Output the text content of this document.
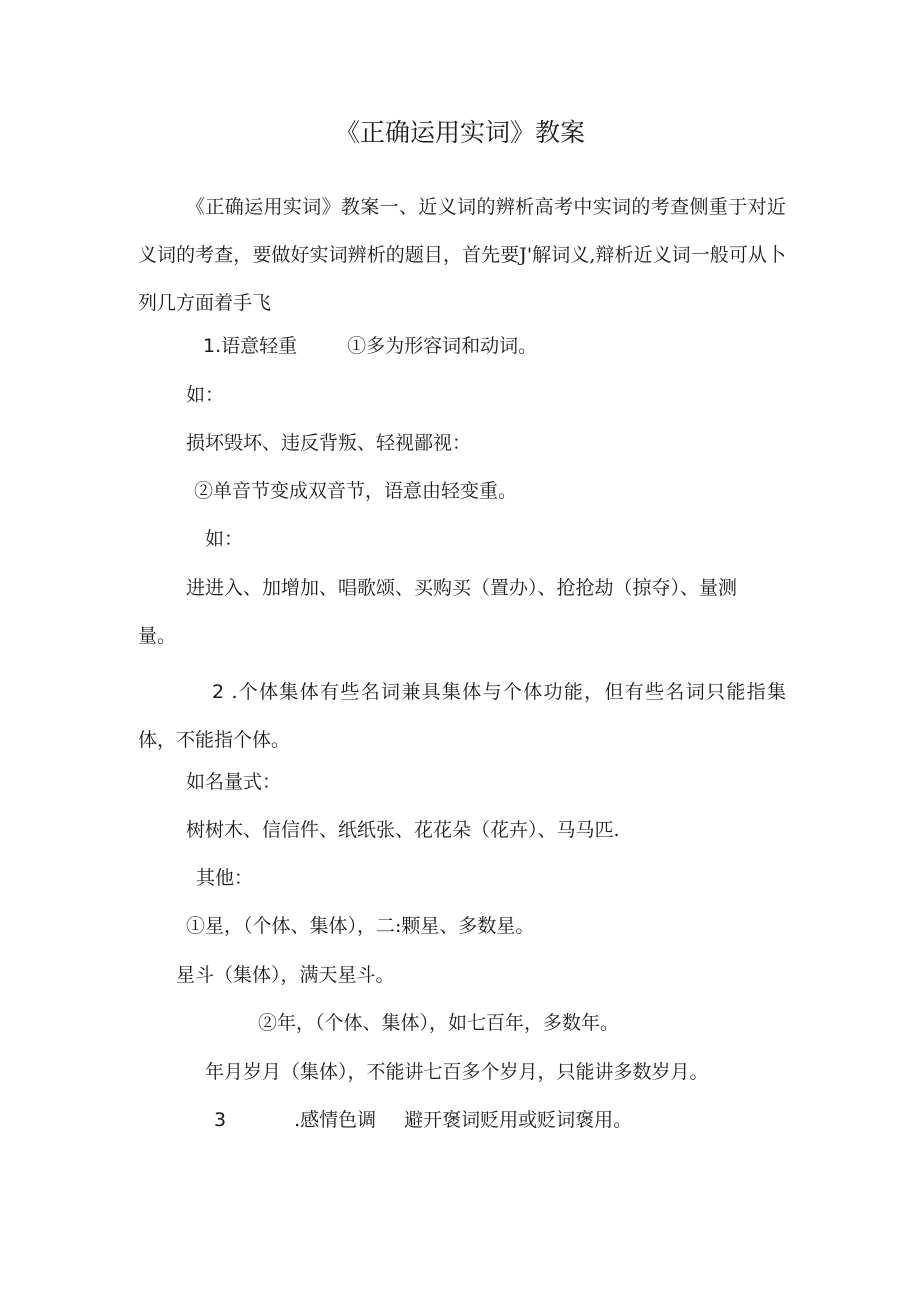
《正确运用实词》教案
《正确运用实词》教案一、近义词的辨析高考中实词的考查侧重于对近义词的考查，要做好实词辨析的题目，首先要J'解词义,辩析近义词一般可从卜列几方面着手飞
1.语意轻重	①多为形容词和动词。
如：
损坏毁坏、违反背叛、轻视鄙视：
②单音节变成双音节，语意由轻变重。
如：
进进入、加增加、唱歌颂、买购买（置办）、抢抢劫（掠夺）、量测
量。
2 .个体集体有些名词兼具集体与个体功能，但有些名词只能指集体，不能指个体。
如名量式：
树树木、信信件、纸纸张、花花朵（花卉）、马马匹.
其他：
①星，（个体、集体），二:颗星、多数星。
星斗（集体），满天星斗。
②年，（个体、集体），如七百年，多数年。
年月岁月（集体），不能讲七百多个岁月，只能讲多数岁月。
3	.感情色调 避开褒词贬用或贬词褒用。
